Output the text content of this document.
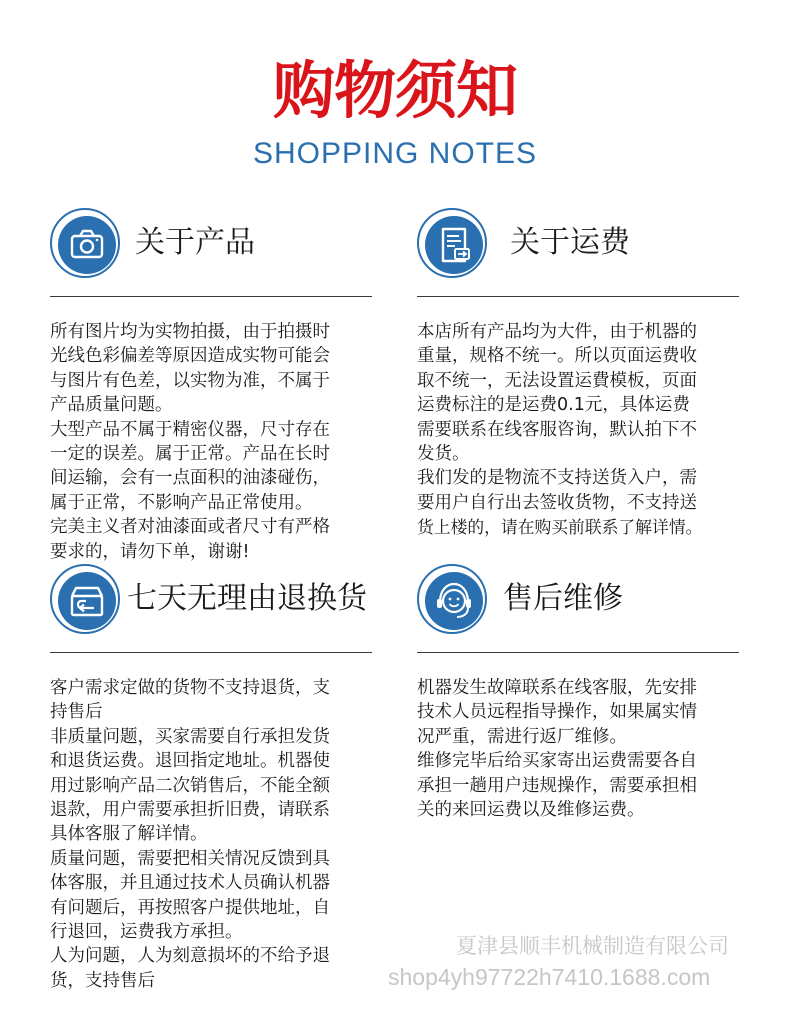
购物须知
SHOPPING NOTES
关于产品
所有图片均为实物拍摄，由于拍摄时
光线色彩偏差等原因造成实物可能会
与图片有色差，以实物为准，不属于
产品质量问题。
大型产品不属于精密仪器，尺寸存在
一定的误差。属于正常。产品在长时
间运输，会有一点面积的油漆碰伤，
属于正常，不影响产品正常使用。
完美主义者对油漆面或者尺寸有严格
要求的，请勿下单，谢谢!
关于运费
本店所有产品均为大件，由于机器的
重量，规格不统一。所以页面运费收
取不统一，无法设置运費模板，页面
运费标注的是运费0.1元，具体运费
需要联系在线客服咨询，默认拍下不
发货。
我们发的是物流不支持送货入户，需
要用户自行出去签收货物，不支持送
货上楼的，请在购买前联系了解详情。
七天无理由退换货
客户需求定做的货物不支持退货，支
持售后
非质量问题，买家需要自行承担发货
和退货运费。退回指定地址。机器使
用过影响产品二次销售后，不能全额
退款，用户需要承担折旧费，请联系
具体客服了解详情。
质量问题，需要把相关情况反馈到具
体客服，并且通过技术人员确认机器
有问题后，再按照客户提供地址，自
行退回，运费我方承担。
人为问题，人为刻意损坏的不给予退
货，支持售后
售后维修
机器发生故障联系在线客服，先安排
技术人员远程指导操作，如果属实情
况严重，需进行返厂维修。
维修完毕后给买家寄出运费需要各自
承担一趟用户违规操作，需要承担相
关的来回运费以及维修运费。
夏津县顺丰机械制造有限公司
shop4yh97722h7410.1688.com
